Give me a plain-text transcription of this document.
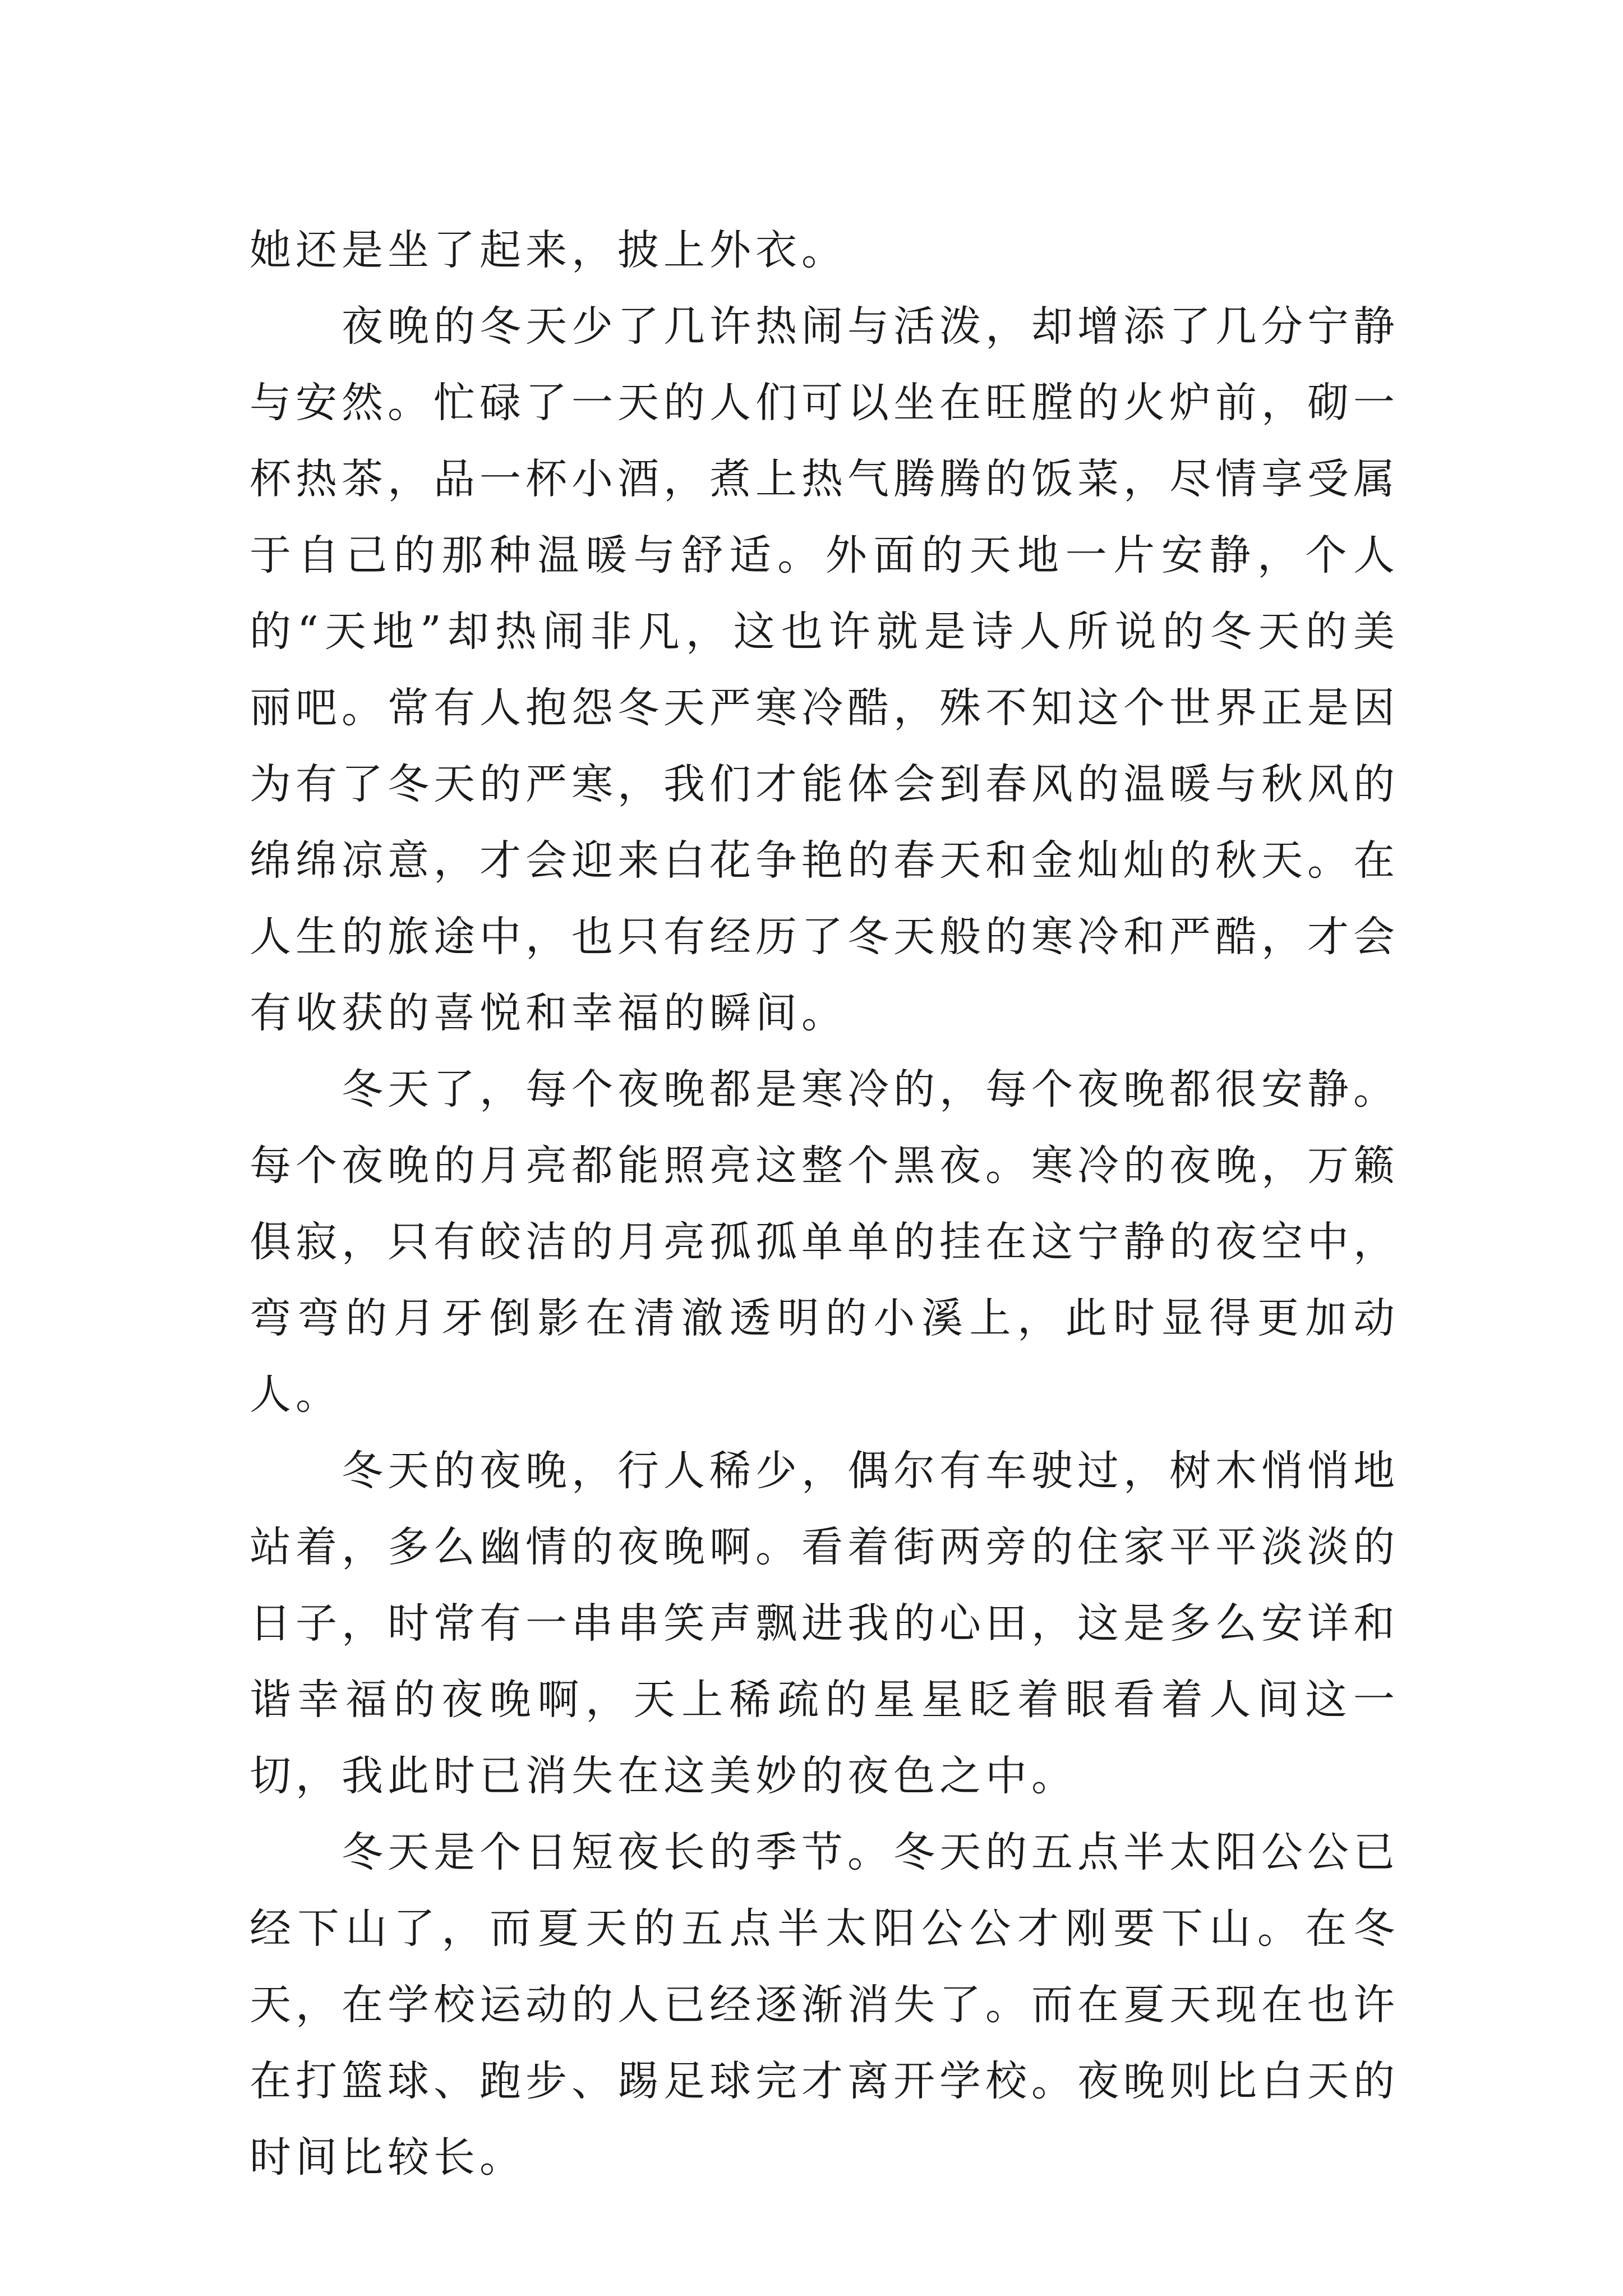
她还是坐了起来，披上外衣。

夜晚的冬天少了几许热闹与活泼，却增添了几分宁静与安然。忙碌了一天的人们可以坐在旺膛的火炉前，砌一杯热茶，品一杯小酒，煮上热气腾腾的饭菜，尽情享受属于自己的那种温暖与舒适。外面的天地一片安静，个人的“天地”却热闹非凡，这也许就是诗人所说的冬天的美丽吧。常有人抱怨冬天严寒冷酷，殊不知这个世界正是因为有了冬天的严寒，我们才能体会到春风的温暖与秋风的绵绵凉意，才会迎来白花争艳的春天和金灿灿的秋天。在人生的旅途中，也只有经历了冬天般的寒冷和严酷，才会有收获的喜悦和幸福的瞬间。

冬天了，每个夜晚都是寒冷的，每个夜晚都很安静。每个夜晚的月亮都能照亮这整个黑夜。寒冷的夜晚，万籁俱寂，只有皎洁的月亮孤孤单单的挂在这宁静的夜空中，弯弯的月牙倒影在清澈透明的小溪上，此时显得更加动人。

冬天的夜晚，行人稀少，偶尔有车驶过，树木悄悄地站着，多么幽情的夜晚啊。看着街两旁的住家平平淡淡的日子，时常有一串串笑声飘进我的心田，这是多么安详和谐幸福的夜晚啊，天上稀疏的星星眨着眼看着人间这一切，我此时已消失在这美妙的夜色之中。

冬天是个日短夜长的季节。冬天的五点半太阳公公已经下山了，而夏天的五点半太阳公公才刚要下山。在冬天，在学校运动的人已经逐渐消失了。而在夏天现在也许在打篮球、跑步、踢足球完才离开学校。夜晚则比白天的时间比较长。
